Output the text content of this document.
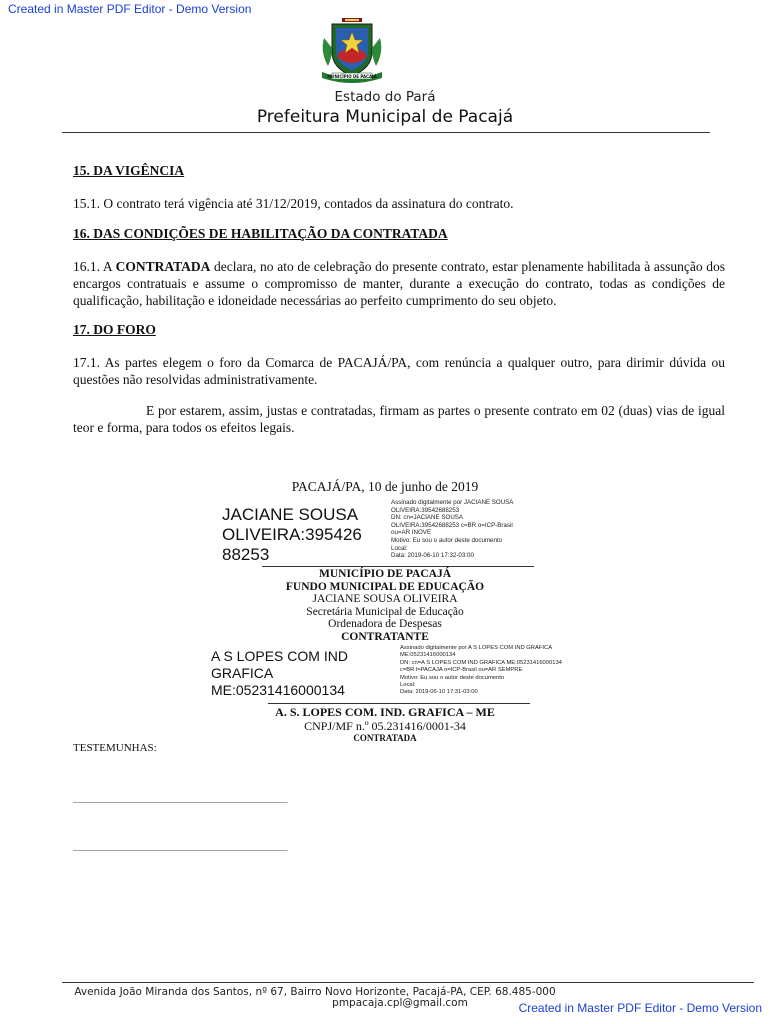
Created in Master PDF Editor - Demo Version
MUNICÍPIO DE PACAJÁ
Estado do Pará
Prefeitura Municipal de Pacajá
15. DA VIGÊNCIA
15.1. O contrato terá vigência até 31/12/2019, contados da assinatura do contrato.
16. DAS CONDIÇÕES DE HABILITAÇÃO DA CONTRATADA
16.1. A CONTRATADA declara, no ato de celebração do presente contrato, estar plenamente habilitada à assunção dos encargos contratuais e assume o compromisso de manter, durante a execução do contrato, todas as condições de qualificação, habilitação e idoneidade necessárias ao perfeito cumprimento do seu objeto.
17. DO FORO
17.1. As partes elegem o foro da Comarca de PACAJÁ/PA, com renúncia a qualquer outro, para dirimir dúvida ou questões não resolvidas administrativamente.
E por estarem, assim, justas e contratadas, firmam as partes o presente contrato em 02 (duas) vias de igual teor e forma, para todos os efeitos legais.
PACAJÁ/PA, 10 de junho de 2019
JACIANE SOUSA
OLIVEIRA:395426
88253
Assinado digitalmente por JACIANE SOUSA
OLIVEIRA:39542688253
DN: cn=JACIANE SOUSA
OLIVEIRA:39542688253 c=BR o=ICP-Brasil
ou=AR INOVE
Motivo: Eu sou o autor deste documento
Local:
Data: 2019-06-10 17:32-03:00
MUNICÍPIO DE PACAJÁ
FUNDO MUNICIPAL DE EDUCAÇÃO
JACIANE SOUSA OLIVEIRA
Secretária Municipal de Educação
Ordenadora de Despesas
CONTRATANTE
A S LOPES COM IND
GRAFICA
ME:05231416000134
Assinado digitalmente por A S LOPES COM IND GRAFICA
ME:05231416000134
DN: cn=A S LOPES COM IND GRAFICA ME:05231416000134
c=BR l=PACAJA o=ICP-Brasil ou=AR SEMPRE
Motivo: Eu sou o autor deste documento
Local:
Data: 2019-06-10 17:31-03:00
A. S. LOPES COM. IND. GRAFICA – ME
CNPJ/MF n.º 05.231416/0001-34
CONTRATADA
TESTEMUNHAS:
_______________________________________
_______________________________________
Avenida João Miranda dos Santos, nº 67, Bairro Novo Horizonte, Pacajá-PA, CEP. 68.485-000
pmpacaja.cpl@gmail.com	Created in Master PDF Editor - Demo Version
